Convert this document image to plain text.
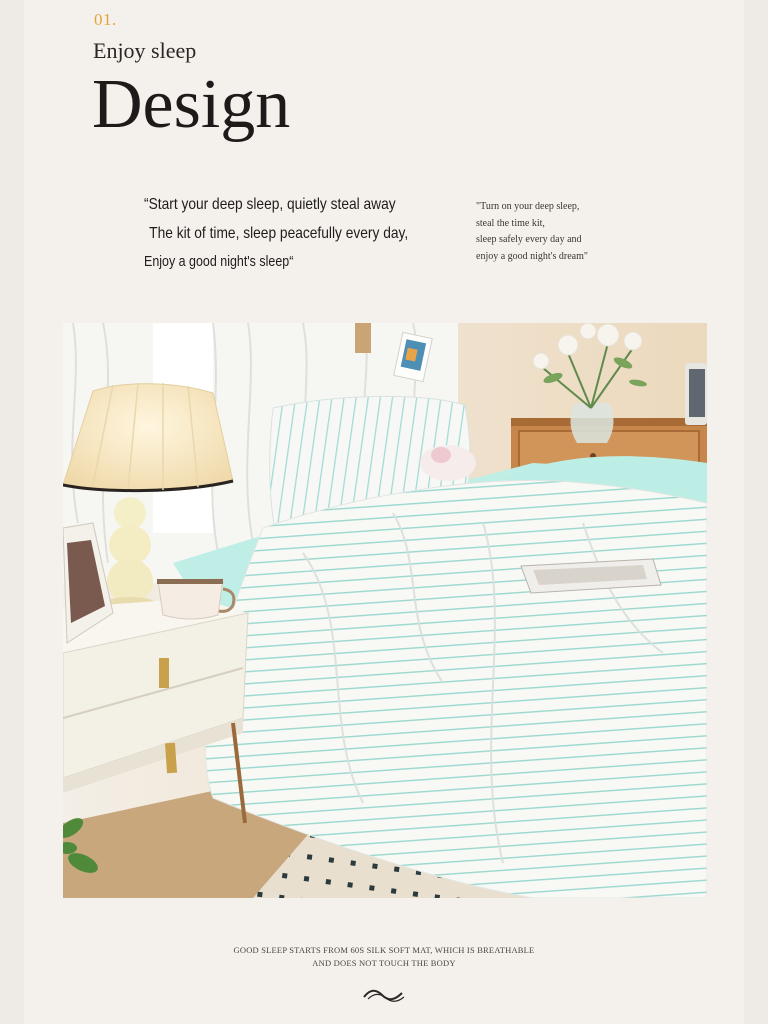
01.
Enjoy sleep
Design
“Start your deep sleep, quietly steal away
The kit of time, sleep peacefully every day,
Enjoy a good night's sleep“
"Turn on your deep sleep,
steal the time kit,
sleep safely every day and
enjoy a good night's dream"
GOOD SLEEP STARTS FROM 60S SILK SOFT MAT, WHICH IS BREATHABLE
AND DOES NOT TOUCH THE BODY
